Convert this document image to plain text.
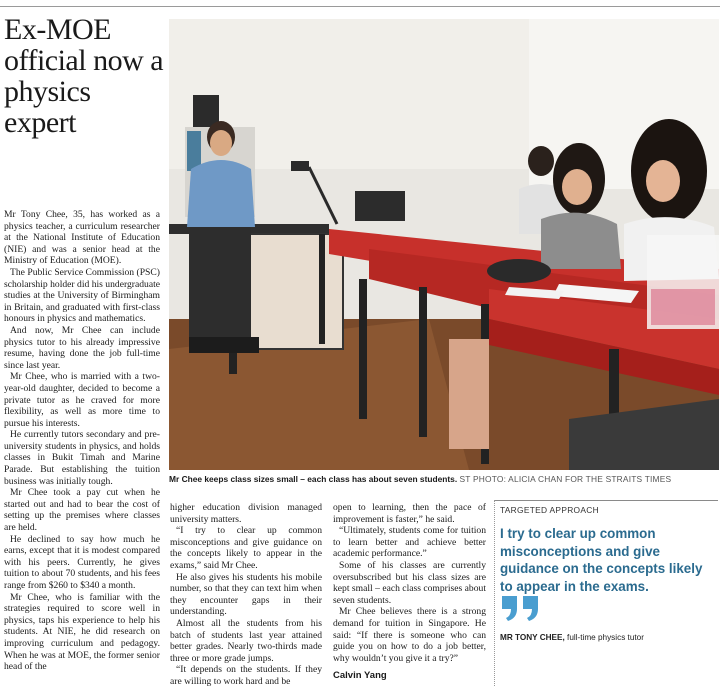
Ex-MOE official now a physics expert

Mr Tony Chee, 35, has worked as a physics teacher, a curriculum researcher at the National Institute of Education (NIE) and was a senior head at the Ministry of Education (MOE).

The Public Service Commission (PSC) scholarship holder did his undergraduate studies at the University of Birmingham in Britain, and graduated with first-class honours in physics and mathematics.

And now, Mr Chee can include physics tutor to his already impressive resume, having done the job full-time since last year.

Mr Chee, who is married with a two-year-old daughter, decided to become a private tutor as he craved for more flexibility, as well as more time to pursue his interests.

He currently tutors secondary and pre-university students in physics, and holds classes in Bukit Timah and Marine Parade. But establishing the tuition business was initially tough.

Mr Chee took a pay cut when he started out and had to bear the cost of setting up the premises where classes are held.

He declined to say how much he earns, except that it is modest compared with his peers. Currently, he gives tuition to about 70 students, and his fees range from $260 to $340 a month.

Mr Chee, who is familiar with the strategies required to score well in physics, taps his experience to help his students. At NIE, he did research on improving curriculum and pedagogy. When he was at MOE, the former senior head of the

higher education division managed university matters.

“I try to clear up common misconceptions and give guidance on the concepts likely to appear in the exams,” said Mr Chee.

He also gives his students his mobile number, so that they can text him when they encounter gaps in their understanding.

Almost all the students from his batch of students last year attained better grades. Nearly two-thirds made three or more grade jumps.

“It depends on the students. If they are willing to work hard and be

open to learning, then the pace of improvement is faster,” he said.

“Ultimately, students come for tuition to learn better and achieve better academic performance.”

Some of his classes are currently oversubscribed but his class sizes are kept small – each class comprises about seven students.

Mr Chee believes there is a strong demand for tuition in Singapore. He said: “If there is someone who can guide you on how to do a job better, why wouldn’t you give it a try?”

Calvin Yang
Mr Chee keeps class sizes small – each class has about seven students. ST PHOTO: ALICIA CHAN FOR THE STRAITS TIMES
TARGETED APPROACH
I try to clear up common misconceptions and give guidance on the concepts likely to appear in the exams.
MR TONY CHEE, full-time physics tutor
